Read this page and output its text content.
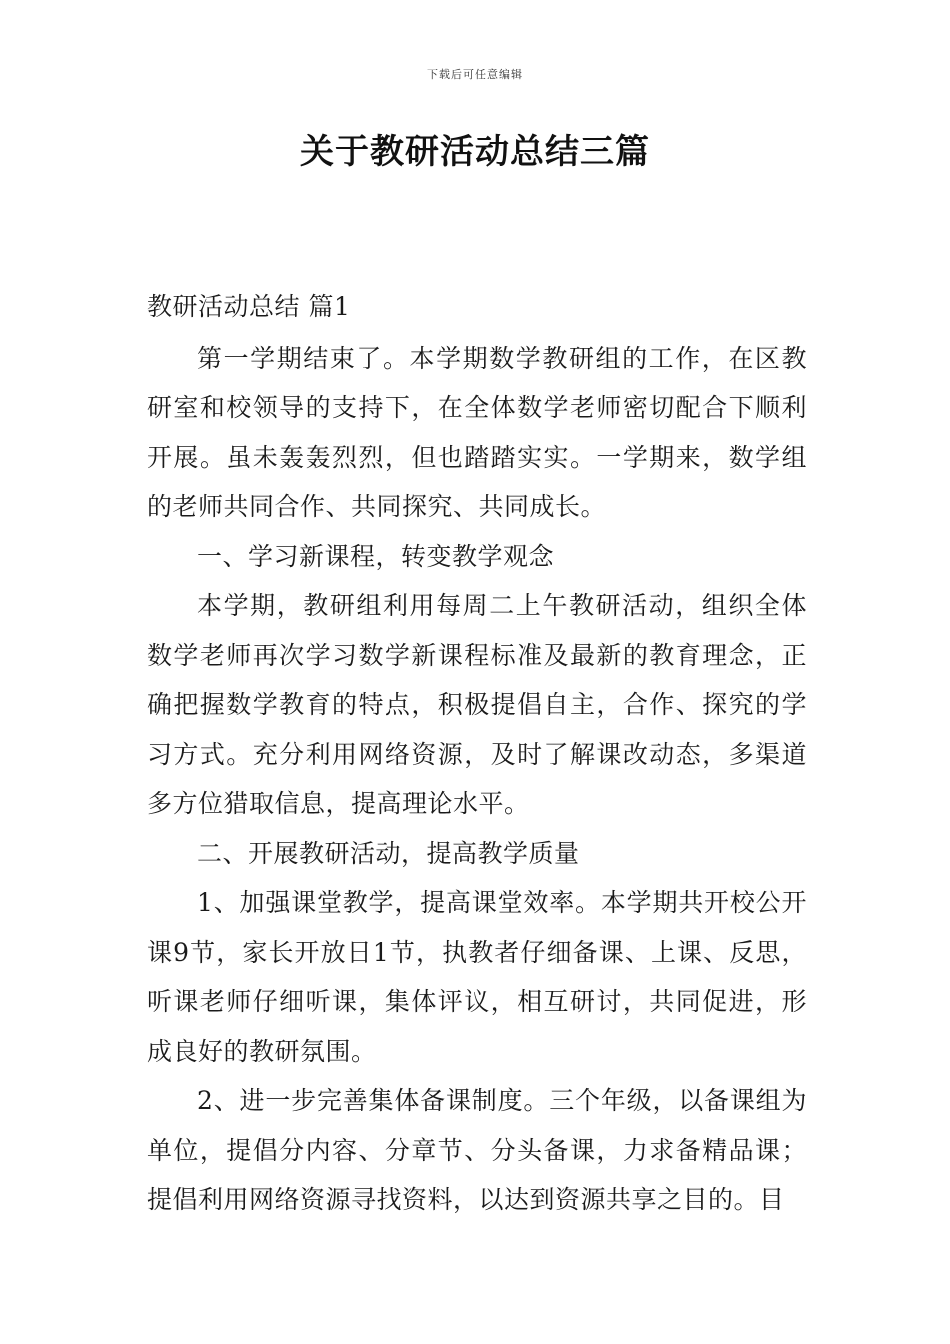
下载后可任意编辑
关于教研活动总结三篇

教研活动总结 篇1

第一学期结束了。本学期数学教研组的工作，在区教研室和校领导的支持下，在全体数学老师密切配合下顺利开展。虽未轰轰烈烈，但也踏踏实实。一学期来，数学组的老师共同合作、共同探究、共同成长。

一、学习新课程，转变教学观念

本学期，教研组利用每周二上午教研活动，组织全体数学老师再次学习数学新课程标准及最新的教育理念，正确把握数学教育的特点，积极提倡自主，合作、探究的学习方式。充分利用网络资源，及时了解课改动态，多渠道多方位猎取信息，提高理论水平。

二、开展教研活动，提高教学质量

1、加强课堂教学，提高课堂效率。本学期共开校公开课9节，家长开放日1节，执教者仔细备课、上课、反思，听课老师仔细听课，集体评议，相互研讨，共同促进，形成良好的教研氛围。

2、进一步完善集体备课制度。三个年级，以备课组为单位，提倡分内容、分章节、分头备课，力求备精品课；提倡利用网络资源寻找资料，以达到资源共享之目的。目
